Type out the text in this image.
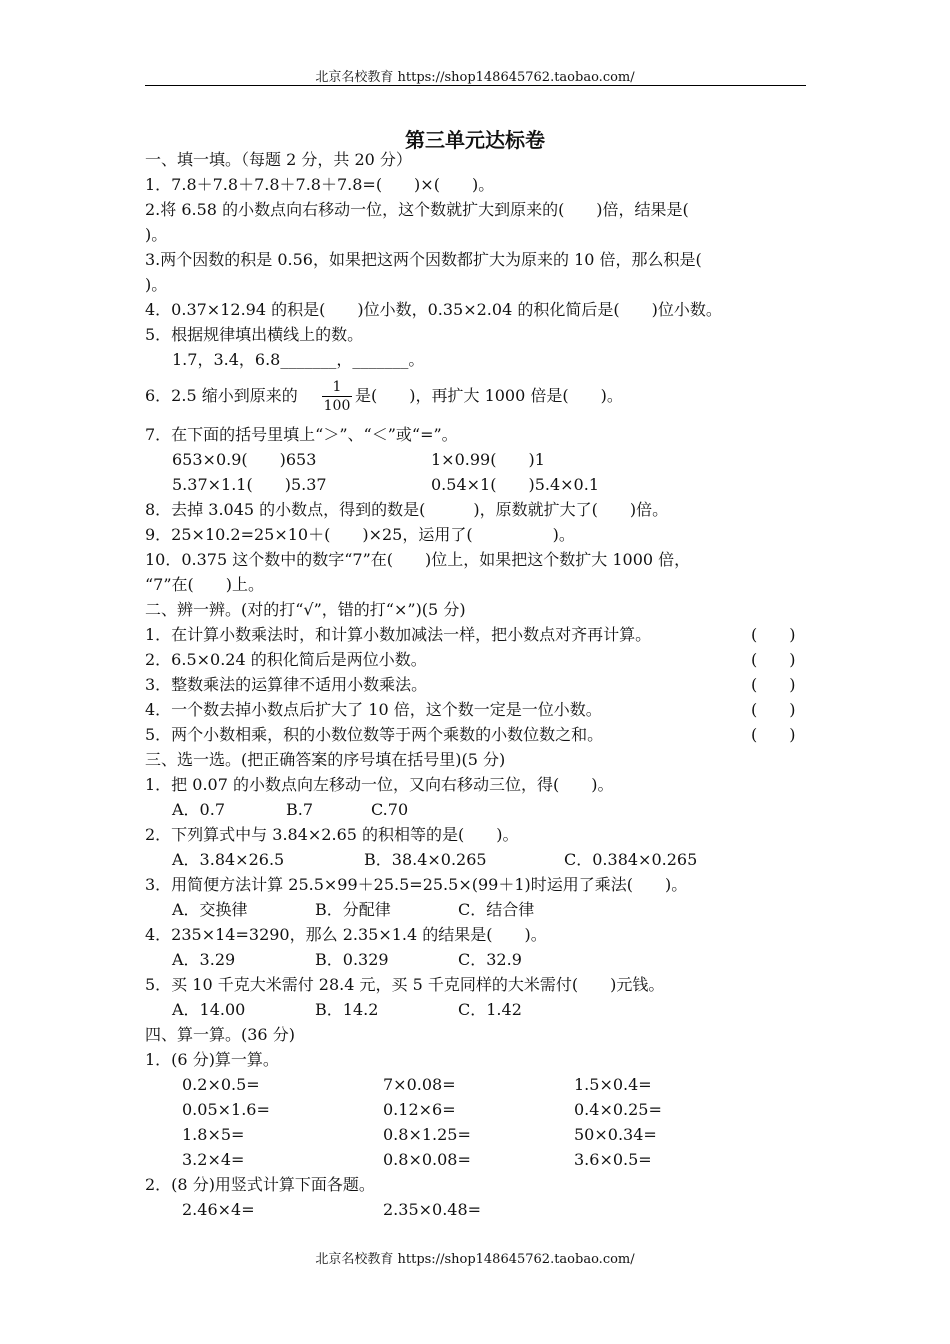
北京名校教育 https://shop148645762.taobao.com/
第三单元达标卷
一、填一填。（每题 2 分，共 20 分）
1．7.8＋7.8＋7.8＋7.8＋7.8=(　　)×(　　)。
2.将 6.58 的小数点向右移动一位，这个数就扩大到原来的(　　)倍，结果是(
)。
3.两个因数的积是 0.56，如果把这两个因数都扩大为原来的 10 倍，那么积是(
)。
4．0.37×12.94 的积是(　　)位小数，0.35×2.04 的积化简后是(　　)位小数。
5．根据规律填出横线上的数。
1.7，3.4，6.8_______，_______。
6．2.5 缩小到原来的 $\frac{1}{100}$ 是(　　)，再扩大 1000 倍是(　　)。
7．在下面的括号里填上“＞”、“＜”或“=”。
653×0.9(　　)653	1×0.99(　　)1
5.37×1.1(　　)5.37	0.54×1(　　)5.4×0.1
8．去掉 3.045 的小数点，得到的数是(　　　)，原数就扩大了(　　)倍。
9．25×10.2=25×10＋(　　)×25，运用了(　　　　　)。
10．0.375 这个数中的数字“7”在(　　)位上，如果把这个数扩大 1000 倍，
“7”在(　　)上。
二、辨一辨。(对的打“√”，错的打“×”)(5 分)
1．在计算小数乘法时，和计算小数加减法一样，把小数点对齐再计算。	(　　)
2．6.5×0.24 的积化简后是两位小数。	(　　)
3．整数乘法的运算律不适用小数乘法。	(　　)
4．一个数去掉小数点后扩大了 10 倍，这个数一定是一位小数。	(　　)
5．两个小数相乘，积的小数位数等于两个乘数的小数位数之和。	(　　)
三、选一选。(把正确答案的序号填在括号里)(5 分)
1．把 0.07 的小数点向左移动一位，又向右移动三位，得(　　)。
A．0.7	B.7	C.70
2．下列算式中与 3.84×2.65 的积相等的是(　　)。
A．3.84×26.5	B．38.4×0.265	C．0.384×0.265
3．用简便方法计算 25.5×99＋25.5=25.5×(99＋1)时运用了乘法(　　)。
A．交换律	B．分配律	C．结合律
4．235×14=3290，那么 2.35×1.4 的结果是(　　)。
A．3.29	B．0.329	C．32.9
5．买 10 千克大米需付 28.4 元，买 5 千克同样的大米需付(　　)元钱。
A．14.00	B．14.2	C．1.42
四、算一算。(36 分)
1．(6 分)算一算。
0.2×0.5=	7×0.08=	1.5×0.4=
0.05×1.6=	0.12×6=	0.4×0.25=
1.8×5=	0.8×1.25=	50×0.34=
3.2×4=	0.8×0.08=	3.6×0.5=
2．(8 分)用竖式计算下面各题。
2.46×4=	2.35×0.48=
北京名校教育 https://shop148645762.taobao.com/
